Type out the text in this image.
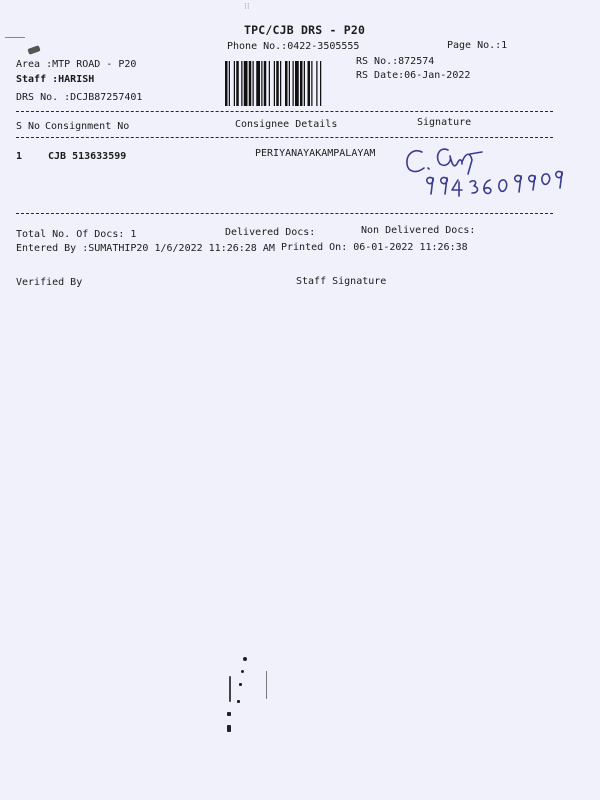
⁝⁝
TPC/CJB DRS - P20
Phone No.:0422-3505555	Page No.:1
Area :MTP ROAD - P20
Staff :HARISH
DRS No. :DCJB87257401
RS No.:872574
RS Date:06-Jan-2022
S No Consignment No	Consignee Details	Signature
1	CJB 513633599	PERIYANAYAKAMPALAYAM
Total No. Of Docs: 1	Delivered Docs:	Non Delivered Docs:
Entered By :SUMATHIP20 1/6/2022 11:26:28 AM Printed On: 06-01-2022 11:26:38
Verified By	Staff Signature
